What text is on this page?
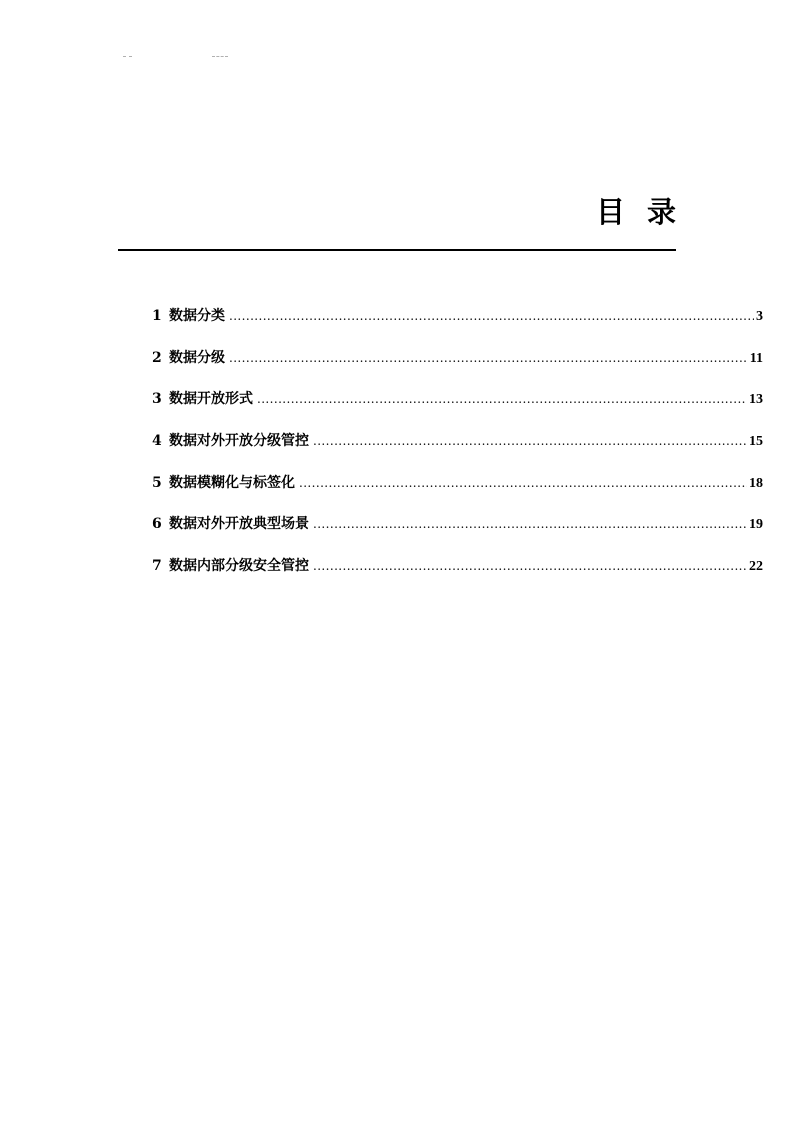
目 录
1 数据分类 .....	3
2 数据分级 .....	11
3 数据开放形式 .....	13
4 数据对外开放分级管控 .....	15
5 数据模糊化与标签化 .....	18
6 数据对外开放典型场景 .....	19
7 数据内部分级安全管控 .....	22
